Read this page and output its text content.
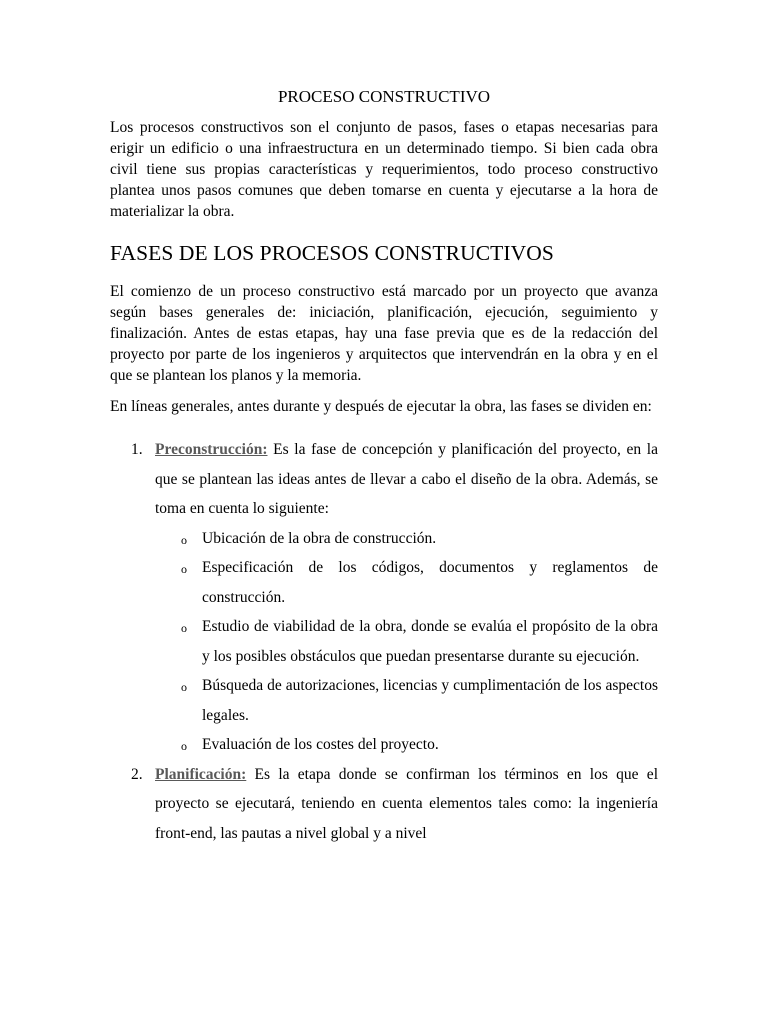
PROCESO CONSTRUCTIVO

Los procesos constructivos son el conjunto de pasos, fases o etapas necesarias para erigir un edificio o una infraestructura en un determinado tiempo. Si bien cada obra civil tiene sus propias características y requerimientos, todo proceso constructivo plantea unos pasos comunes que deben tomarse en cuenta y ejecutarse a la hora de materializar la obra.

FASES DE LOS PROCESOS CONSTRUCTIVOS

El comienzo de un proceso constructivo está marcado por un proyecto que avanza según bases generales de: iniciación, planificación, ejecución, seguimiento y finalización. Antes de estas etapas, hay una fase previa que es de la redacción del proyecto por parte de los ingenieros y arquitectos que intervendrán en la obra y en el que se plantean los planos y la memoria.

En líneas generales, antes durante y después de ejecutar la obra, las fases se dividen en:

1. Preconstrucción: Es la fase de concepción y planificación del proyecto, en la que se plantean las ideas antes de llevar a cabo el diseño de la obra. Además, se toma en cuenta lo siguiente:

o Ubicación de la obra de construcción.
o Especificación de los códigos, documentos y reglamentos de construcción.
o Estudio de viabilidad de la obra, donde se evalúa el propósito de la obra y los posibles obstáculos que puedan presentarse durante su ejecución.
o Búsqueda de autorizaciones, licencias y cumplimentación de los aspectos legales.
o Evaluación de los costes del proyecto.
2. Planificación: Es la etapa donde se confirman los términos en los que el proyecto se ejecutará, teniendo en cuenta elementos tales como: la ingeniería front-end, las pautas a nivel global y a nivel
